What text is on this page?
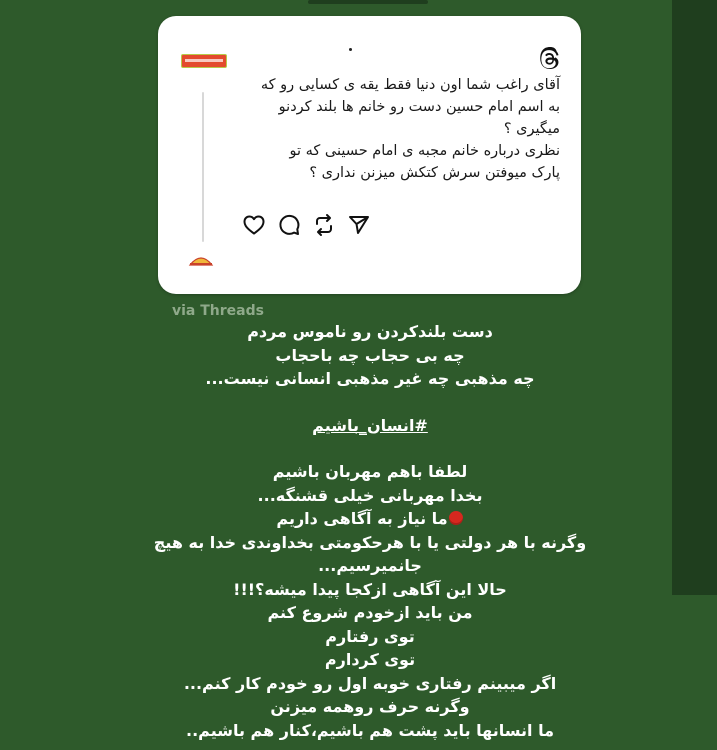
آقای راغب شما اون دنیا فقط یقه ی کسایی رو که
به اسم امام حسین دست رو خانم ها بلند کردنو
میگیری ؟
نظری درباره خانم مجبه ی امام حسینی که تو
پارک میوفتن سرش کتکش میزنن نداری ؟
via Threads
دست بلندکردن رو ناموس مردم
چه بی حجاب چه باحجاب
چه مذهبی چه غیر مذهبی انسانی نیست...
#انسان_باشیم
لطفا باهم مهربان باشیم
بخدا مهربانی خیلی قشنگه...
ما نیاز به آگاهی داریم
وگرنه با هر دولتی یا با هرحکومتی بخداوندی خدا به هیچ
جانمیرسیم...
حالا این آگاهی ازکجا پیدا میشه؟!!!
من باید ازخودم شروع کنم
توی رفتارم
توی کردارم
اگر میبینم رفتاری خوبه اول رو خودم کار کنم...
وگرنه حرف روهمه میزنن
ما انسانها باید پشت هم باشیم،کنار هم باشیم..
